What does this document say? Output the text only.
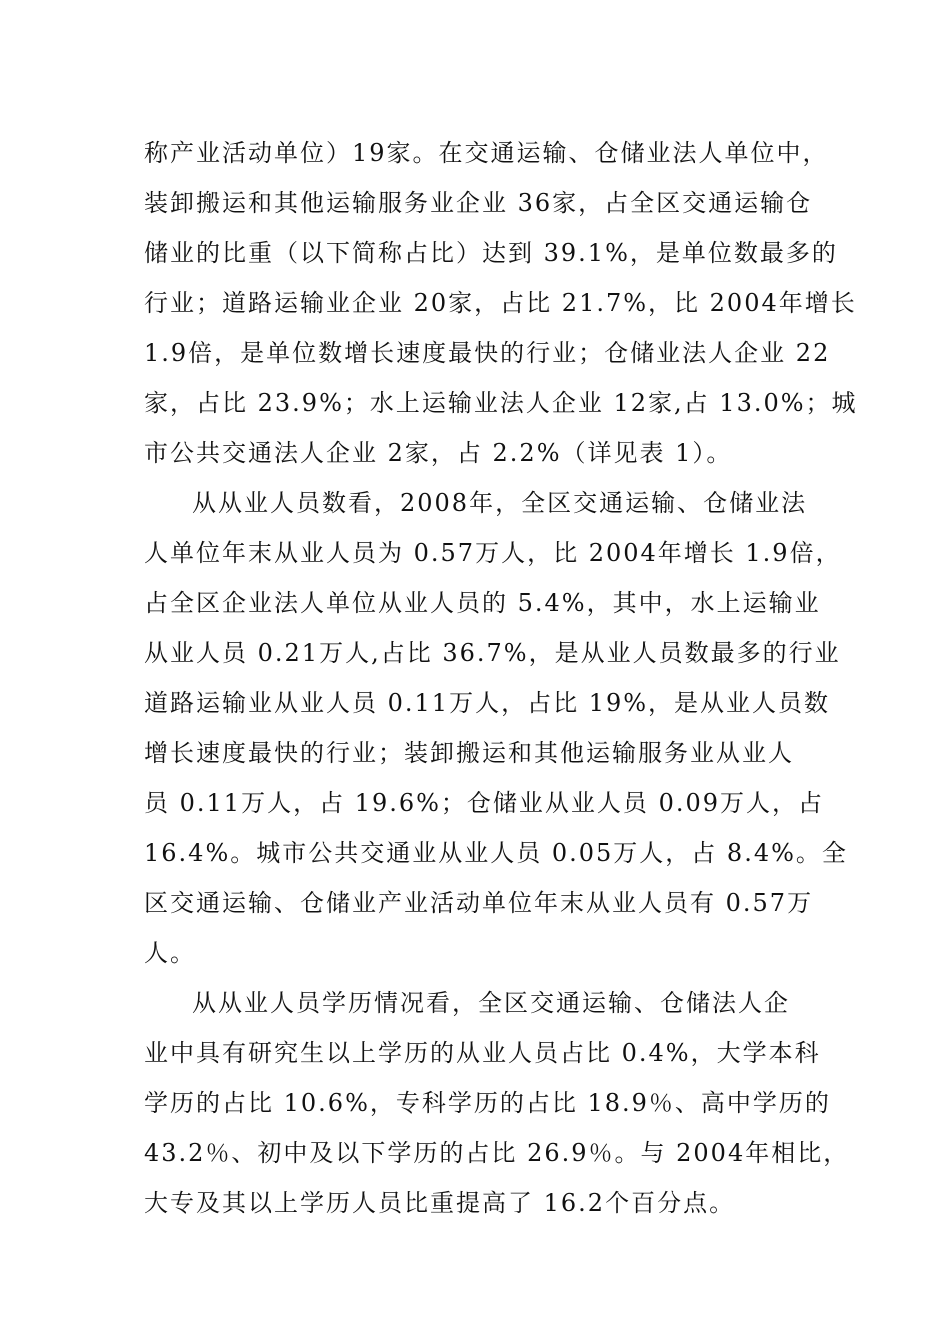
称产业活动单位）19家。在交通运输、仓储业法人单位中，
装卸搬运和其他运输服务业企业 36家，占全区交通运输仓
储业的比重（以下简称占比）达到 39.1%，是单位数最多的
行业；道路运输业企业 20家，占比 21.7%，比 2004年增长
1.9倍，是单位数增长速度最快的行业；仓储业法人企业 22
家，占比 23.9%；水上运输业法人企业 12家,占 13.0%；城
市公共交通法人企业 2家，占 2.2%（详见表 1）。
从从业人员数看，2008年，全区交通运输、仓储业法
人单位年末从业人员为 0.57万人，比 2004年增长 1.9倍，
占全区企业法人单位从业人员的 5.4%，其中，水上运输业
从业人员 0.21万人,占比 36.7%，是从业人员数最多的行业
道路运输业从业人员 0.11万人，占比 19%，是从业人员数
增长速度最快的行业；装卸搬运和其他运输服务业从业人
员 0.11万人，占 19.6%；仓储业从业人员 0.09万人，占
16.4%。城市公共交通业从业人员 0.05万人，占 8.4%。全
区交通运输、仓储业产业活动单位年末从业人员有 0.57万
人。
从从业人员学历情况看，全区交通运输、仓储法人企
业中具有研究生以上学历的从业人员占比 0.4%，大学本科
学历的占比 10.6%，专科学历的占比 18.9％、高中学历的
43.2％、初中及以下学历的占比 26.9％。与 2004年相比，
大专及其以上学历人员比重提高了 16.2个百分点。
